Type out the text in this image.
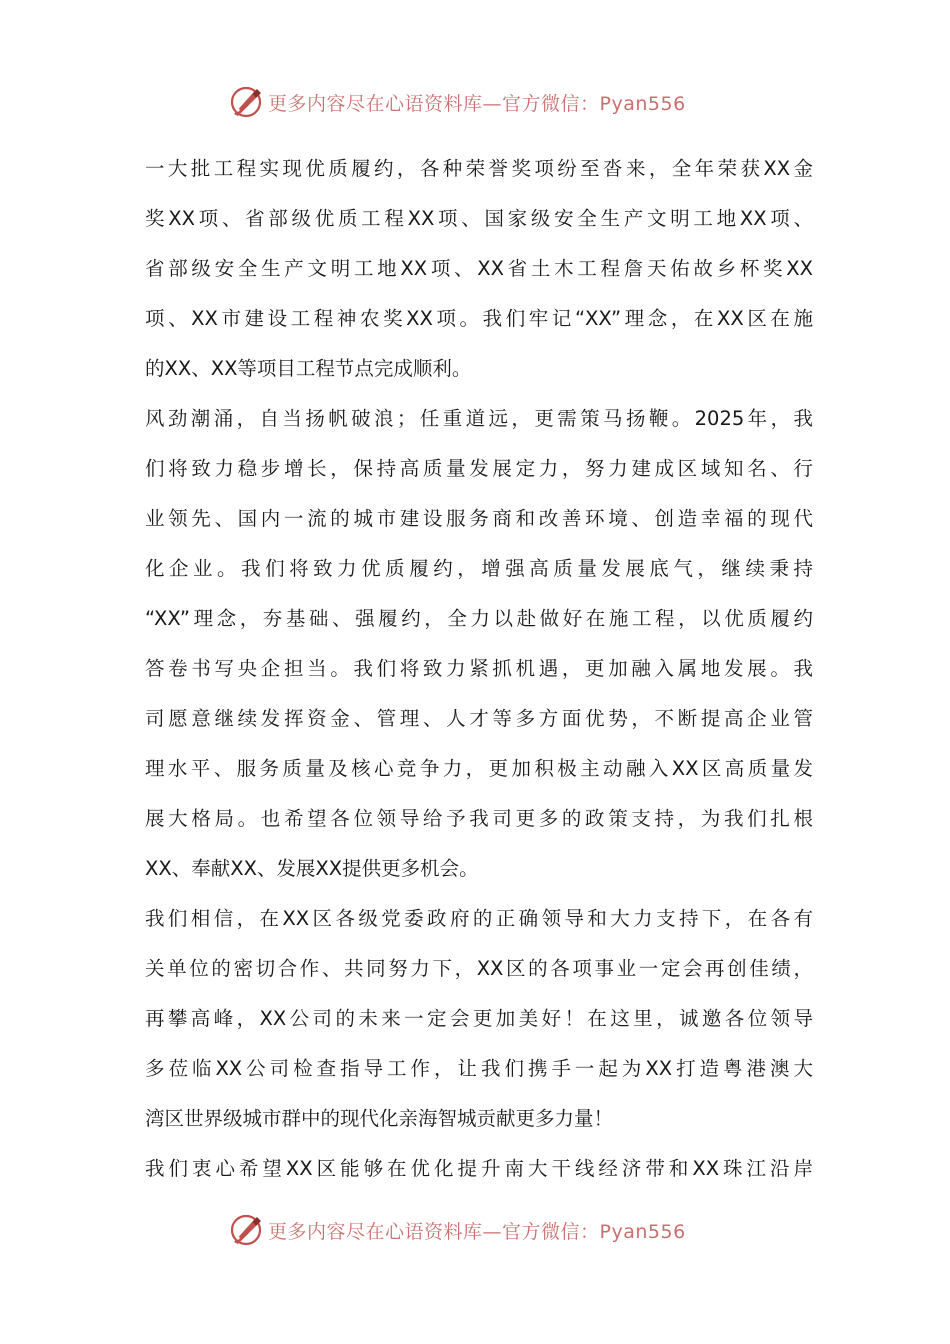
更多内容尽在心语资料库—官方微信：Pyan556
一大批工程实现优质履约，各种荣誉奖项纷至沓来，全年荣获XX金
奖XX项、省部级优质工程XX项、国家级安全生产文明工地XX项、
省部级安全生产文明工地XX项、XX省土木工程詹天佑故乡杯奖XX
项、XX市建设工程神农奖XX项。我们牢记“XX”理念，在XX区在施
的XX、XX等项目工程节点完成顺利。
风劲潮涌，自当扬帆破浪；任重道远，更需策马扬鞭。2025年，我
们将致力稳步增长，保持高质量发展定力，努力建成区域知名、行
业领先、国内一流的城市建设服务商和改善环境、创造幸福的现代
化企业。我们将致力优质履约，增强高质量发展底气，继续秉持
“XX”理念，夯基础、强履约，全力以赴做好在施工程，以优质履约
答卷书写央企担当。我们将致力紧抓机遇，更加融入属地发展。我
司愿意继续发挥资金、管理、人才等多方面优势，不断提高企业管
理水平、服务质量及核心竞争力，更加积极主动融入XX区高质量发
展大格局。也希望各位领导给予我司更多的政策支持，为我们扎根
XX、奉献XX、发展XX提供更多机会。
我们相信，在XX区各级党委政府的正确领导和大力支持下，在各有
关单位的密切合作、共同努力下，XX区的各项事业一定会再创佳绩，
再攀高峰，XX公司的未来一定会更加美好！在这里，诚邀各位领导
多莅临XX公司检查指导工作，让我们携手一起为XX打造粤港澳大
湾区世界级城市群中的现代化亲海智城贡献更多力量！
我们衷心希望XX区能够在优化提升南大干线经济带和XX珠江沿岸
更多内容尽在心语资料库—官方微信：Pyan556
